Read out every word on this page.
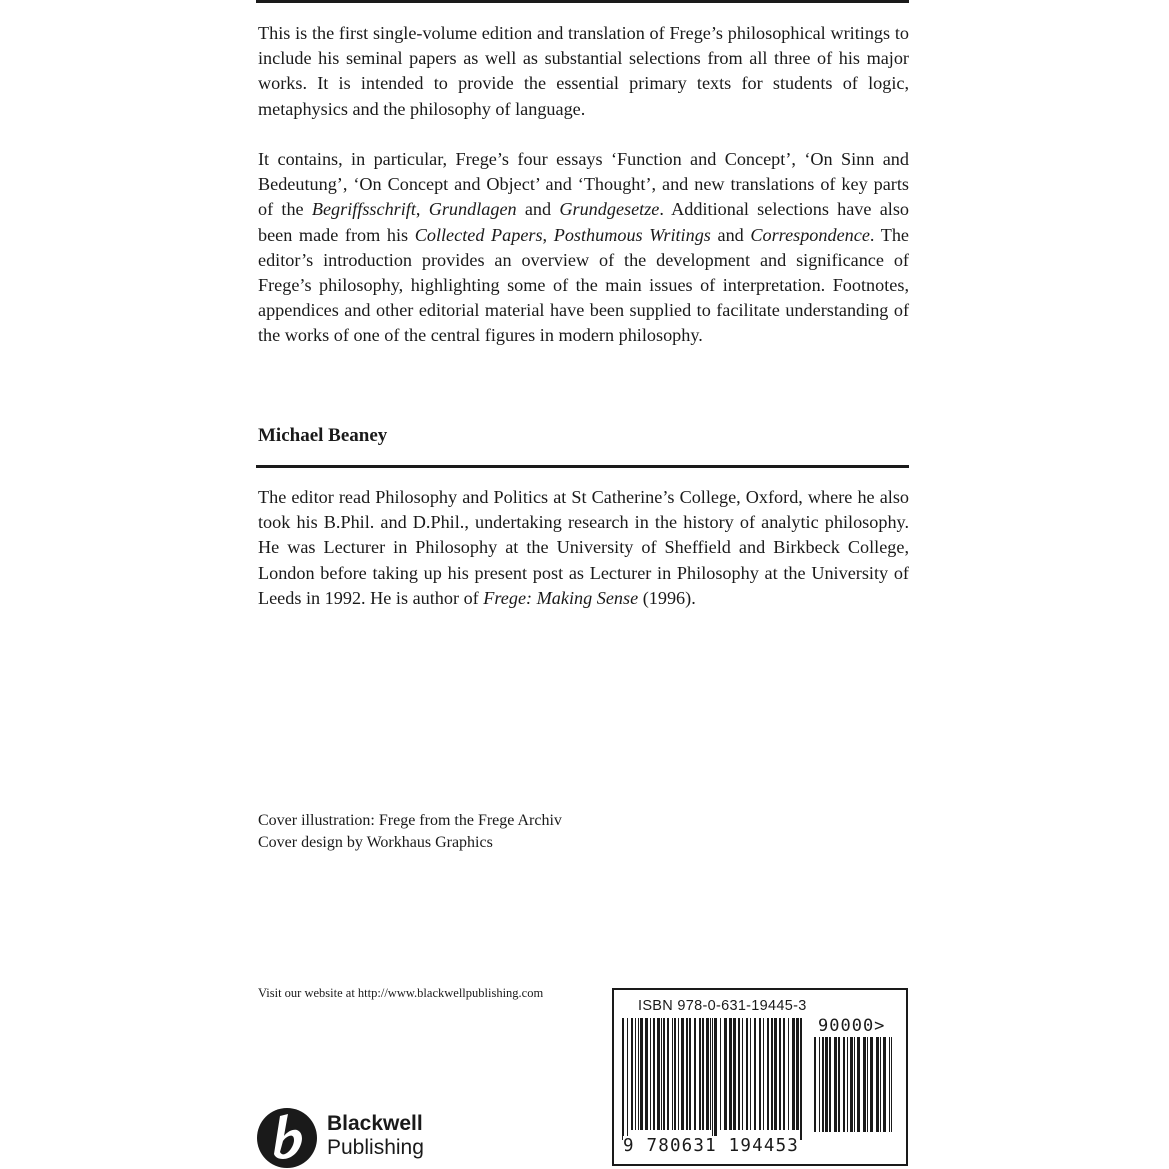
This is the first single-volume edition and translation of Frege’s philosophical writings to include his seminal papers as well as substantial selections from all three of his major works. It is intended to provide the essential primary texts for students of logic, metaphysics and the philosophy of language.

It contains, in particular, Frege’s four essays ‘Function and Concept’, ‘On Sinn and Bedeutung’, ‘On Concept and Object’ and ‘Thought’, and new translations of key parts of the Begriffsschrift, Grundlagen and Grundgesetze. Additional selections have also been made from his Collected Papers, Posthumous Writings and Correspondence. The editor’s introduction provides an overview of the development and significance of Frege’s philosophy, highlighting some of the main issues of interpretation. Footnotes, appendices and other editorial material have been supplied to facilitate understanding of the works of one of the central figures in modern philosophy.

Michael Beaney

The editor read Philosophy and Politics at St Catherine’s College, Oxford, where he also took his B.Phil. and D.Phil., undertaking research in the history of analytic philosophy. He was Lecturer in Philosophy at the University of Sheffield and Birkbeck College, London before taking up his present post as Lecturer in Philosophy at the University of Leeds in 1992. He is author of Frege: Making Sense (1996).

Cover illustration: Frege from the Frege Archiv
Cover design by Workhaus Graphics
Visit our website at http://www.blackwellpublishing.com
ISBN 978-0-631-19445-3
90000>
9 780631 194453
Blackwell
Publishing
